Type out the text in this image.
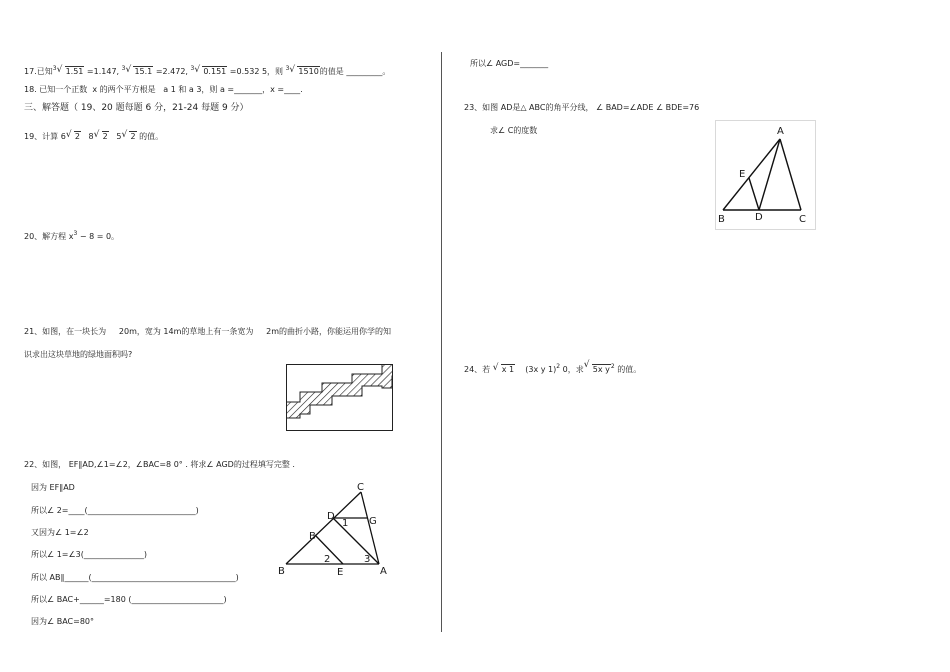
17.已知$^3$ √ 1.51 =1.147, $^3$ √ 15.1 =2.472, $^3$ √ 0.151 =0.532 5，则 $^3$ √ 1510的值是 _________。
18. 已知一个正数 x 的两个平方根是 a 1 和 a 3，则 a =_______，x =____.
三、解答题（ 19、20 题每题 6 分，21-24 每题 9 分）
19、计算 6 √ 2 8 √ 2 5 √ 2 的值。
20、解方程 $x^3 - 8 = 0$。
21、如图，在一块长为 20m，宽为 14m的草地上有一条宽为 2m的曲折小路，你能运用你学的知
识求出这块草地的绿地面积吗?
22、如图， EF∥AD,∠1=∠2，∠BAC=8 0° . 将求∠ AGD的过程填写完整 .
因为 EF∥AD
所以∠ 2=____(___________________________)
又因为∠ 1=∠2
所以∠ 1=∠3(_______________)
所以 AB∥______(____________________________________)
所以∠ BAC+______=180 (_______________________)
因为∠ BAC=80°
C
D	G
1
B
2	3
A
B	E
所以∠ AGD=_______
23、如图 AD是△ ABC的角平分线， ∠ BAD=∠ADE ∠ BDE=76
求∠ C的度数	A
E
B	D	C
24、若 √ x 1 (3x y 1)$^2$ 0，求 √ 5x $y^2$ 的值。
